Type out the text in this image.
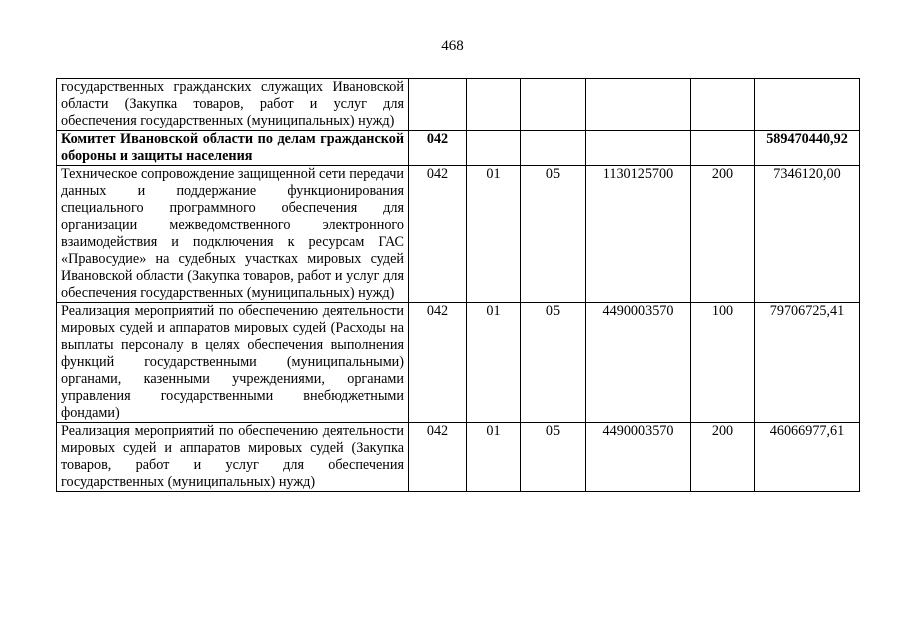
468
государственных гражданских служащих Ивановской области (Закупка товаров, работ и услуг для обеспечения государственных (муниципальных) нужд)						
Комитет Ивановской области по делам гражданской обороны и защиты населения	042					589470440,92
Техническое сопровождение защищенной сети передачи данных и поддержание функционирования специального программного обеспечения для организации межведомственного электронного взаимодействия и подключения к ресурсам ГАС «Правосудие» на судебных участках мировых судей Ивановской области (Закупка товаров, работ и услуг для обеспечения государственных (муниципальных) нужд)	042	01	05	1130125700	200	7346120,00
Реализация мероприятий по обеспечению деятельности мировых судей и аппаратов мировых судей (Расходы на выплаты персоналу в целях обеспечения выполнения функций государственными (муниципальными) органами, казенными учреждениями, органами управления государственными внебюджетными фондами)	042	01	05	4490003570	100	79706725,41
Реализация мероприятий по обеспечению деятельности мировых судей и аппаратов мировых судей (Закупка товаров, работ и услуг для обеспечения государственных (муниципальных) нужд)	042	01	05	4490003570	200	46066977,61
